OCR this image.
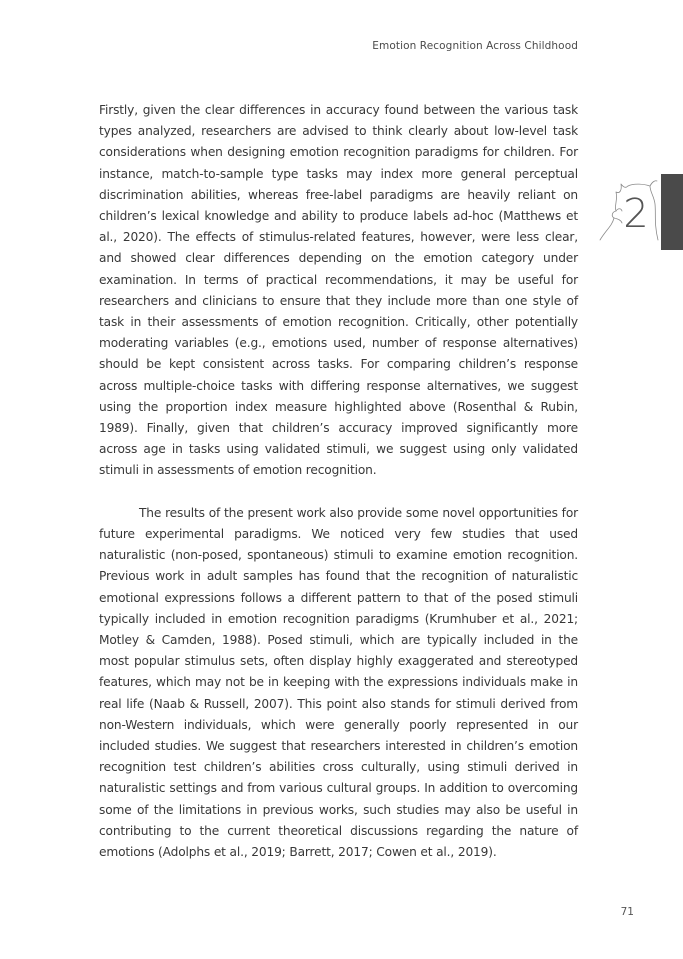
Emotion Recognition Across Childhood
2

Firstly, given the clear differences in accuracy found between the various task types analyzed, researchers are advised to think clearly about low-level task considerations when designing emotion recognition paradigms for children. For instance, match-to-sample type tasks may index more general perceptual discrimination abilities, whereas free-label paradigms are heavily reliant on children’s lexical knowledge and ability to produce labels ad-hoc (Matthews et al., 2020). The effects of stimulus-related features, however, were less clear, and showed clear differences depending on the emotion category under examination. In terms of practical recommendations, it may be useful for researchers and clinicians to ensure that they include more than one style of task in their assessments of emotion recognition. Critically, other potentially moderating variables (e.g., emotions used, number of response alternatives) should be kept consistent across tasks. For comparing children’s response across multiple-choice tasks with differing response alternatives, we suggest using the proportion index measure highlighted above (Rosenthal & Rubin, 1989). Finally, given that children’s accuracy improved significantly more across age in tasks using validated stimuli, we suggest using only validated stimuli in assessments of emotion recognition.

The results of the present work also provide some novel opportunities for future experimental paradigms. We noticed very few studies that used naturalistic (non-posed, spontaneous) stimuli to examine emotion recognition. Previous work in adult samples has found that the recognition of naturalistic emotional expressions follows a different pattern to that of the posed stimuli typically included in emotion recognition paradigms (Krumhuber et al., 2021; Motley & Camden, 1988). Posed stimuli, which are typically included in the most popular stimulus sets, often display highly exaggerated and stereotyped features, which may not be in keeping with the expressions individuals make in real life (Naab & Russell, 2007). This point also stands for stimuli derived from non-Western individuals, which were generally poorly represented in our included studies. We suggest that researchers interested in children’s emotion recognition test children’s abilities cross culturally, using stimuli derived in naturalistic settings and from various cultural groups. In addition to overcoming some of the limitations in previous works, such studies may also be useful in contributing to the current theoretical discussions regarding the nature of emotions (Adolphs et al., 2019; Barrett, 2017; Cowen et al., 2019).

71
